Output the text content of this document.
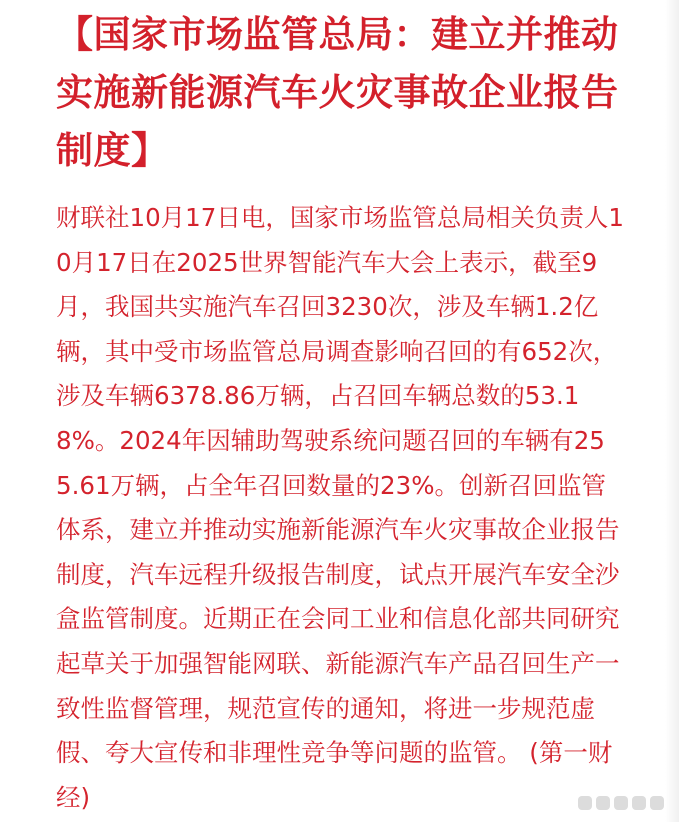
【国家市场监管总局：建立并推动实施新能源汽车火灾事故企业报告制度】

财联社10月17日电，国家市场监管总局相关负责人10月17日在2025世界智能汽车大会上表示，截至9月，我国共实施汽车召回3230次，涉及车辆1.2亿辆，其中受市场监管总局调查影响召回的有652次，涉及车辆6378.86万辆，占召回车辆总数的53.18%。2024年因辅助驾驶系统问题召回的车辆有255.61万辆，占全年召回数量的23%。创新召回监管体系，建立并推动实施新能源汽车火灾事故企业报告制度，汽车远程升级报告制度，试点开展汽车安全沙盒监管制度。近期正在会同工业和信息化部共同研究起草关于加强智能网联、新能源汽车产品召回生产一致性监督管理，规范宣传的通知，将进一步规范虚假、夸大宣传和非理性竞争等问题的监管。 (第一财经)
